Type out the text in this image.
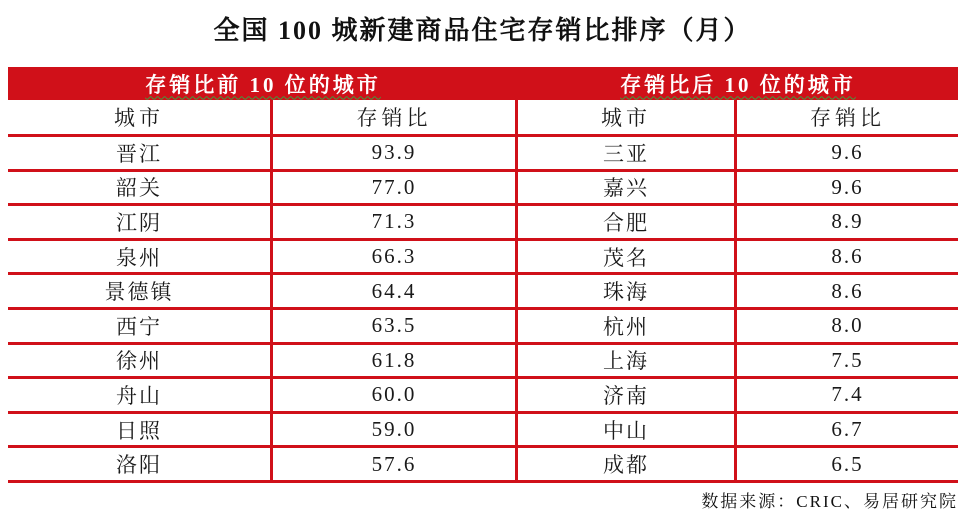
全国 100 城新建商品住宅存销比排序（月）
存销比前 10 位的城市	存销比后 10 位的城市
城市	存销比	城市	存销比
晋江	93.9	三亚	9.6
韶关	77.0	嘉兴	9.6
江阴	71.3	合肥	8.9
泉州	66.3	茂名	8.6
景德镇	64.4	珠海	8.6
西宁	63.5	杭州	8.0
徐州	61.8	上海	7.5
舟山	60.0	济南	7.4
日照	59.0	中山	6.7
洛阳	57.6	成都	6.5
数据来源：CRIC、易居研究院
